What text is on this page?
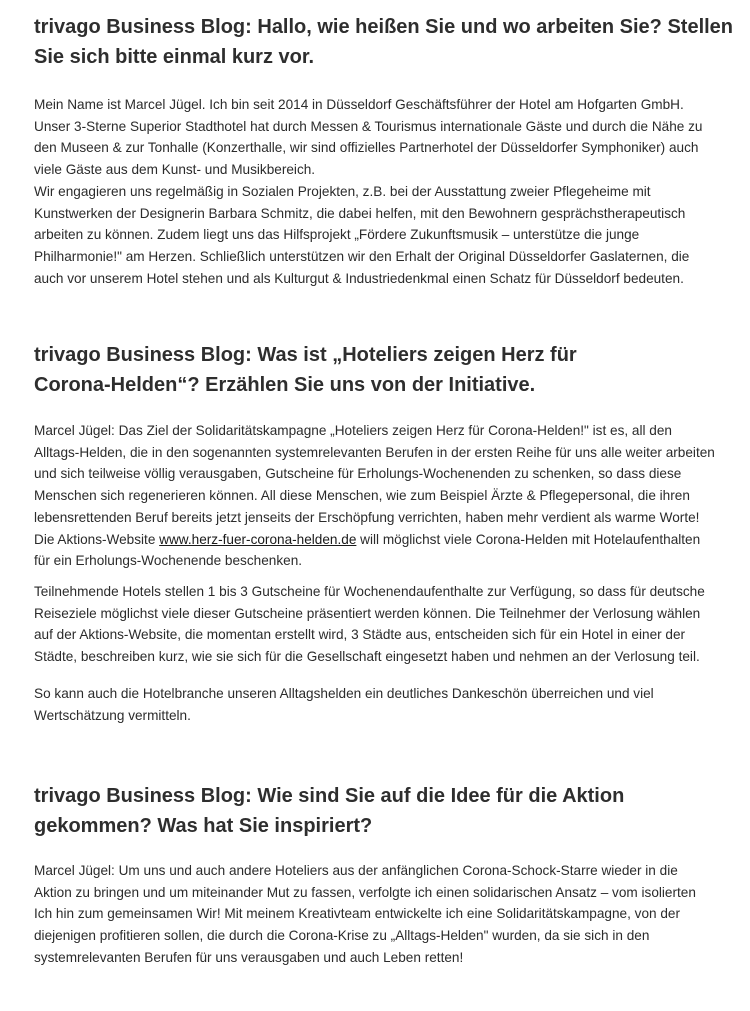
trivago Business Blog: Hallo, wie heißen Sie und wo arbeiten Sie? Stellen Sie sich bitte einmal kurz vor.

Mein Name ist Marcel Jügel. Ich bin seit 2014 in Düsseldorf Geschäftsführer der Hotel am Hofgarten GmbH.
Unser 3-Sterne Superior Stadthotel hat durch Messen & Tourismus internationale Gäste und durch die Nähe zu
den Museen & zur Tonhalle (Konzerthalle, wir sind offizielles Partnerhotel der Düsseldorfer Symphoniker) auch
viele Gäste aus dem Kunst- und Musikbereich.
Wir engagieren uns regelmäßig in Sozialen Projekten, z.B. bei der Ausstattung zweier Pflegeheime mit
Kunstwerken der Designerin Barbara Schmitz, die dabei helfen, mit den Bewohnern gesprächstherapeutisch
arbeiten zu können. Zudem liegt uns das Hilfsprojekt „Fördere Zukunftsmusik – unterstütze die junge
Philharmonie!" am Herzen. Schließlich unterstützen wir den Erhalt der Original Düsseldorfer Gaslaternen, die
auch vor unserem Hotel stehen und als Kulturgut & Industriedenkmal einen Schatz für Düsseldorf bedeuten.

trivago Business Blog: Was ist „Hoteliers zeigen Herz für Corona-Helden“? Erzählen Sie uns von der Initiative.

Marcel Jügel: Das Ziel der Solidaritätskampagne „Hoteliers zeigen Herz für Corona-Helden!" ist es, all den
Alltags-Helden, die in den sogenannten systemrelevanten Berufen in der ersten Reihe für uns alle weiter arbeiten
und sich teilweise völlig verausgaben, Gutscheine für Erholungs-Wochenenden zu schenken, so dass diese
Menschen sich regenerieren können. All diese Menschen, wie zum Beispiel Ärzte & Pflegepersonal, die ihren
lebensrettenden Beruf bereits jetzt jenseits der Erschöpfung verrichten, haben mehr verdient als warme Worte!
Die Aktions-Website www.herz-fuer-corona-helden.de will möglichst viele Corona-Helden mit Hotelaufenthalten
für ein Erholungs-Wochenende beschenken.

Teilnehmende Hotels stellen 1 bis 3 Gutscheine für Wochenendaufenthalte zur Verfügung, so dass für deutsche
Reiseziele möglichst viele dieser Gutscheine präsentiert werden können. Die Teilnehmer der Verlosung wählen
auf der Aktions-Website, die momentan erstellt wird, 3 Städte aus, entscheiden sich für ein Hotel in einer der
Städte, beschreiben kurz, wie sie sich für die Gesellschaft eingesetzt haben und nehmen an der Verlosung teil.

So kann auch die Hotelbranche unseren Alltagshelden ein deutliches Dankeschön überreichen und viel
Wertschätzung vermitteln.

trivago Business Blog: Wie sind Sie auf die Idee für die Aktion gekommen? Was hat Sie inspiriert?

Marcel Jügel: Um uns und auch andere Hoteliers aus der anfänglichen Corona-Schock-Starre wieder in die
Aktion zu bringen und um miteinander Mut zu fassen, verfolgte ich einen solidarischen Ansatz – vom isolierten
Ich hin zum gemeinsamen Wir! Mit meinem Kreativteam entwickelte ich eine Solidaritätskampagne, von der
diejenigen profitieren sollen, die durch die Corona-Krise zu „Alltags-Helden" wurden, da sie sich in den
systemrelevanten Berufen für uns verausgaben und auch Leben retten!
